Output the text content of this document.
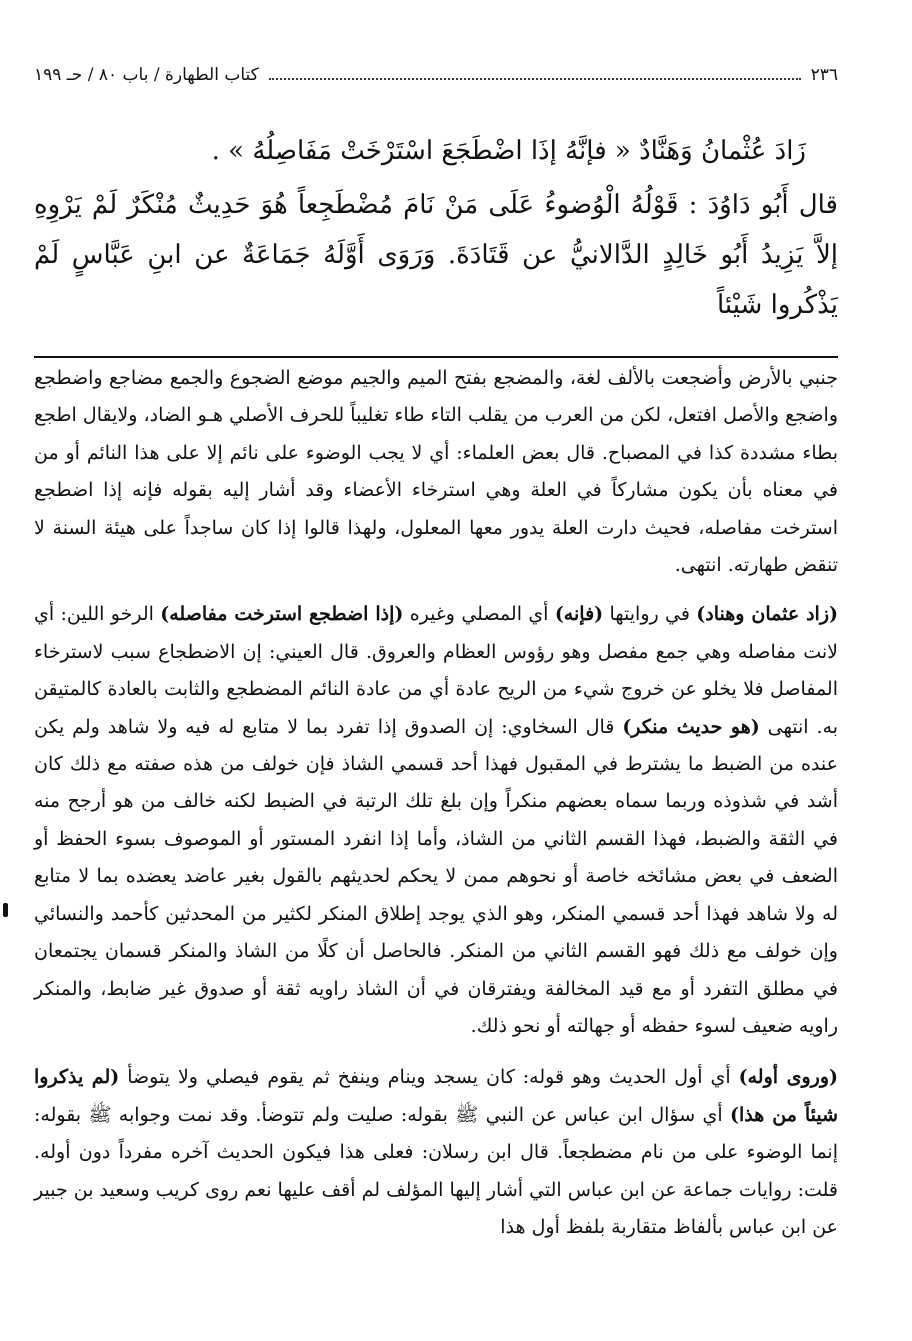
٢٣٦
كتاب الطهارة / باب ٨٠ / حـ ١٩٩

زَادَ عُثْمانُ وَهَنَّادٌ « فإنَّهُ إذَا اضْطَجَعَ اسْتَرْخَتْ مَفَاصِلُهُ » .

قال أَبُو دَاوُدَ : قَوْلُهُ الْوُضوءُ عَلَى مَنْ نَامَ مُضْطَجِعاً هُوَ حَدِيثٌ مُنْكَرٌ لَمْ يَرْوِهِ إلاَّ يَزِيدُ أَبُو خَالِدٍ الدَّالانيُّ عن قَتَادَةَ. وَرَوَى أَوَّلَهُ جَمَاعَةٌ عن ابنِ عَبَّاسٍ لَمْ يَذْكُروا شَيْئاً

جنبي بالأرض وأضجعت بالألف لغة، والمضجع بفتح الميم والجيم موضع الضجوع والجمع مضاجع واضطجع واضجع والأصل افتعل، لكن من العرب من يقلب التاء طاء تغليباً للحرف الأصلي هـو الضاد، ولايقال اطجع بطاء مشددة كذا في المصباح. قال بعض العلماء: أي لا يجب الوضوء على نائم إلا على هذا النائم أو من في معناه بأن يكون مشاركاً في العلة وهي استرخاء الأعضاء وقد أشار إليه بقوله فإنه إذا اضطجع استرخت مفاصله، فحيث دارت العلة يدور معها المعلول، ولهذا قالوا إذا كان ساجداً على هيئة السنة لا تنقض طهارته. انتهى.

(زاد عثمان وهناد) في روايتها (فإنه) أي المصلي وغيره (إذا اضطجع استرخت مفاصله) الرخو اللين: أي لانت مفاصله وهي جمع مفصل وهو رؤوس العظام والعروق. قال العيني: إن الاضطجاع سبب لاسترخاء المفاصل فلا يخلو عن خروج شيء من الريح عادة أي من عادة النائم المضطجع والثابت بالعادة كالمتيقن به. انتهى (هو حديث منكر) قال السخاوي: إن الصدوق إذا تفرد بما لا متابع له فيه ولا شاهد ولم يكن عنده من الضبط ما يشترط في المقبول فهذا أحد قسمي الشاذ فإن خولف من هذه صفته مع ذلك كان أشد في شذوذه وربما سماه بعضهم منكراً وإن بلغ تلك الرتبة في الضبط لكنه خالف من هو أرجح منه في الثقة والضبط، فهذا القسم الثاني من الشاذ، وأما إذا انفرد المستور أو الموصوف بسوء الحفظ أو الضعف في بعض مشائخه خاصة أو نحوهم ممن لا يحكم لحديثهم بالقول بغير عاضد يعضده بما لا متابع له ولا شاهد فهذا أحد قسمي المنكر، وهو الذي يوجد إطلاق المنكر لكثير من المحدثين كأحمد والنسائي وإن خولف مع ذلك فهو القسم الثاني من المنكر. فالحاصل أن كلًا من الشاذ والمنكر قسمان يجتمعان في مطلق التفرد أو مع قيد المخالفة ويفترقان في أن الشاذ راويه ثقة أو صدوق غير ضابط، والمنكر راويه ضعيف لسوء حفظه أو جهالته أو نحو ذلك.

(وروى أوله) أي أول الحديث وهو قوله: كان يسجد وينام وينفخ ثم يقوم فيصلي ولا يتوضأ (لم يذكروا شيئاً من هذا) أي سؤال ابن عباس عن النبي ﷺ بقوله: صليت ولم تتوضأ. وقد نمت وجوابه ﷺ بقوله: إنما الوضوء على من نام مضطجعاً. قال ابن رسلان: فعلى هذا فيكون الحديث آخره مفرداً دون أوله. قلت: روايات جماعة عن ابن عباس التي أشار إليها المؤلف لم أقف عليها نعم روى كريب وسعيد بن جبير عن ابن عباس بألفاظ متقاربة بلفظ أول هذا
